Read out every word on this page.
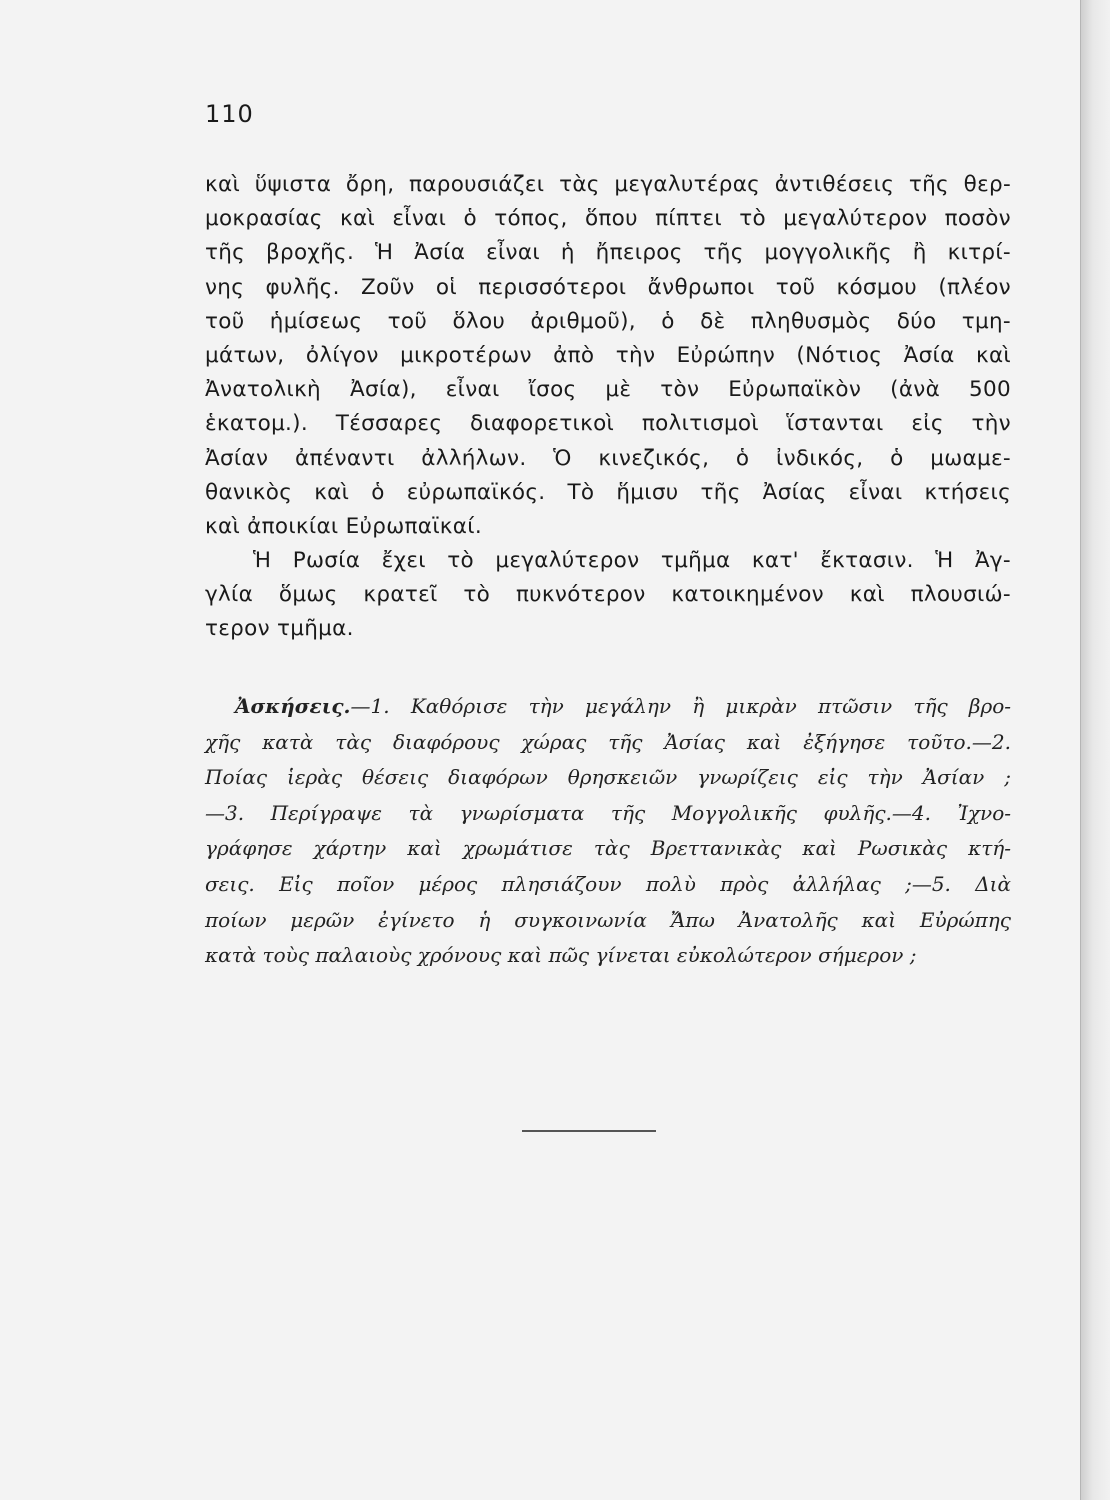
110
καὶ ὕψιστα ὄρη, παρουσιάζει τὰς μεγαλυτέρας ἀντιθέσεις τῆς θερ-
μοκρασίας καὶ εἶναι ὁ τόπος, ὅπου πίπτει τὸ μεγαλύτερον ποσὸν
τῆς βροχῆς. Ἡ Ἀσία εἶναι ἡ ἤπειρος τῆς μογγολικῆς ἢ κιτρί-
νης φυλῆς. Ζοῦν οἱ περισσότεροι ἄνθρωποι τοῦ κόσμου (πλέον
τοῦ ἡμίσεως τοῦ ὅλου ἀριθμοῦ), ὁ δὲ πληθυσμὸς δύο τμη-
μάτων, ὀλίγον μικροτέρων ἀπὸ τὴν Εὐρώπην (Νότιος Ἀσία καὶ
Ἀνατολικὴ Ἀσία), εἶναι ἴσος μὲ τὸν Εὐρωπαϊκὸν (ἀνὰ 500
ἑκατομ.). Τέσσαρες διαφορετικοὶ πολιτισμοὶ ἵστανται εἰς τὴν
Ἀσίαν ἀπέναντι ἀλλήλων. Ὁ κινεζικός, ὁ ἰνδικός, ὁ μωαμε-
θανικὸς καὶ ὁ εὐρωπαϊκός. Τὸ ἥμισυ τῆς Ἀσίας εἶναι κτήσεις
καὶ ἀποικίαι Εὐρωπαϊκαί.
Ἡ Ρωσία ἔχει τὸ μεγαλύτερον τμῆμα κατ' ἔκτασιν. Ἡ Ἀγ-
γλία ὅμως κρατεῖ τὸ πυκνότερον κατοικημένον καὶ πλουσιώ-
τερον τμῆμα.
Ἀσκήσεις.—1. Καθόρισε τὴν μεγάλην ἢ μικρὰν πτῶσιν τῆς βρο-
χῆς κατὰ τὰς διαφόρους χώρας τῆς Ἀσίας καὶ ἐξήγησε τοῦτο.—2.
Ποίας ἱερὰς θέσεις διαφόρων θρησκειῶν γνωρίζεις εἰς τὴν Ἀσίαν ;
—3. Περίγραψε τὰ γνωρίσματα τῆς Μογγολικῆς φυλῆς.—4. Ἰχνο-
γράφησε χάρτην καὶ χρωμάτισε τὰς Βρεττανικὰς καὶ Ρωσικὰς κτή-
σεις. Εἰς ποῖον μέρος πλησιάζουν πολὺ πρὸς ἀλλήλας ;—5. Διὰ
ποίων μερῶν ἐγίνετο ἡ συγκοινωνία Ἄπω Ἀνατολῆς καὶ Εὐρώπης
κατὰ τοὺς παλαιοὺς χρόνους καὶ πῶς γίνεται εὐκολώτερον σήμερον ;
